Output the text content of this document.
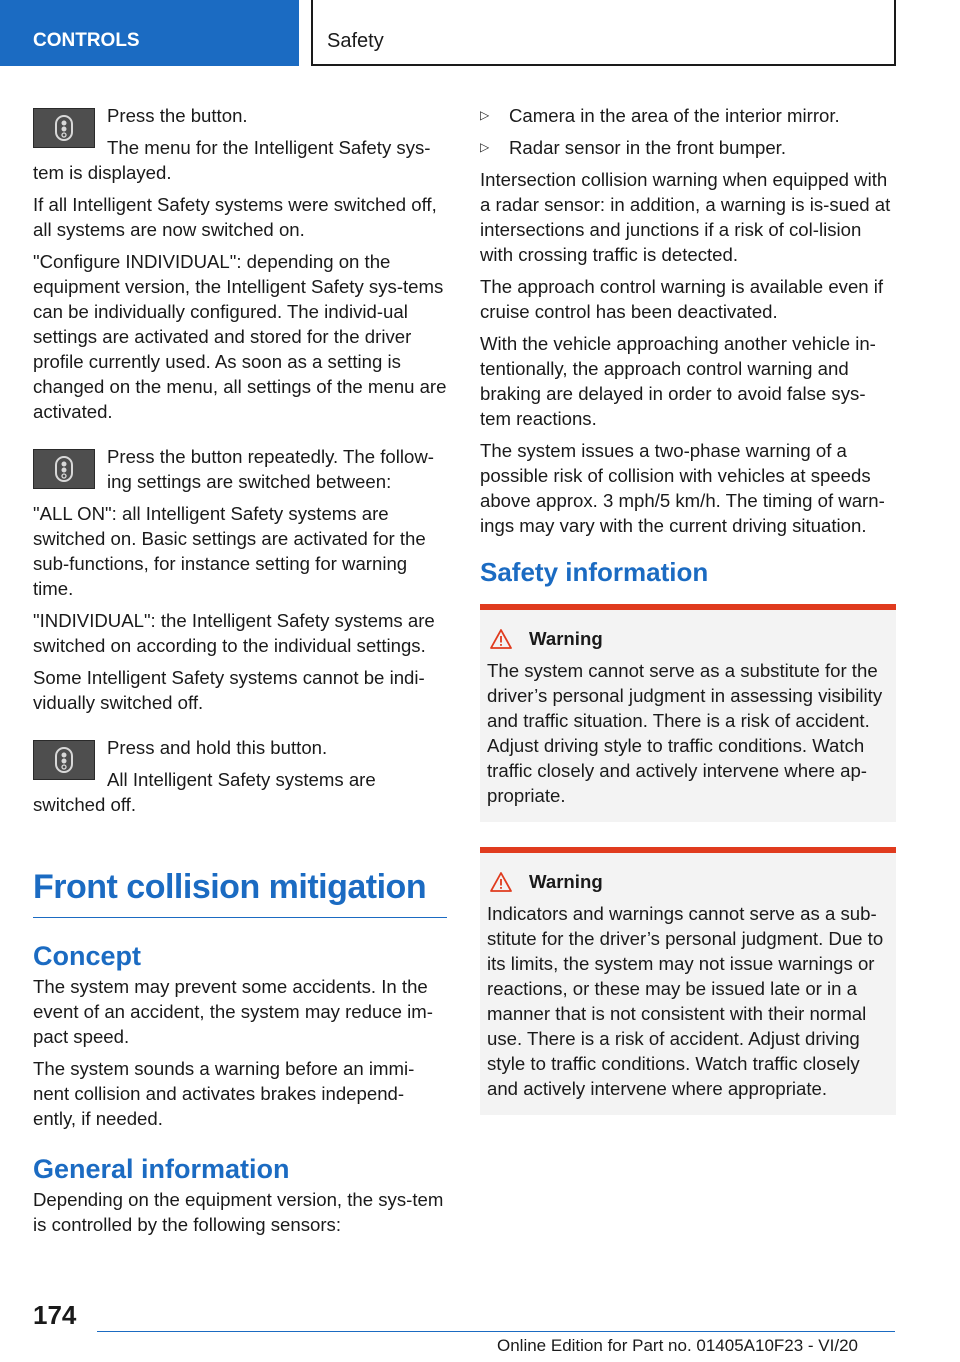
CONTROLS	Safety

Press the button.

The menu for the Intelligent Safety sys-

tem is displayed.

If all Intelligent Safety systems were switched off, all systems are now switched on.

"Configure INDIVIDUAL": depending on the equipment version, the Intelligent Safety sys-tems can be individually configured. The individ-ual settings are activated and stored for the driver profile currently used. As soon as a setting is changed on the menu, all settings of the menu are activated.

Press the button repeatedly. The follow-ing settings are switched between:

"ALL ON": all Intelligent Safety systems are switched on. Basic settings are activated for the sub-functions, for instance setting for warning time.

"INDIVIDUAL": the Intelligent Safety systems are switched on according to the individual settings.

Some Intelligent Safety systems cannot be indi-vidually switched off.

Press and hold this button.

All Intelligent Safety systems are

switched off.

Front collision mitigation
Concept

The system may prevent some accidents. In the event of an accident, the system may reduce im-pact speed.

The system sounds a warning before an immi-nent collision and activates brakes independ-ently, if needed.

General information

Depending on the equipment version, the sys-tem is controlled by the following sensors:

▷ Camera in the area of the interior mirror.
▷ Radar sensor in the front bumper.

Intersection collision warning when equipped with a radar sensor: in addition, a warning is is-sued at intersections and junctions if a risk of col-lision with crossing traffic is detected.

The approach control warning is available even if cruise control has been deactivated.

With the vehicle approaching another vehicle in-tentionally, the approach control warning and braking are delayed in order to avoid false sys-tem reactions.

The system issues a two-phase warning of a possible risk of collision with vehicles at speeds above approx. 3 mph/5 km/h. The timing of warn-ings may vary with the current driving situation.

Safety information
Warning

The system cannot serve as a substitute for the driver’s personal judgment in assessing visibility and traffic situation. There is a risk of accident. Adjust driving style to traffic conditions. Watch traffic closely and actively intervene where ap-propriate.

Warning

Indicators and warnings cannot serve as a sub-stitute for the driver’s personal judgment. Due to its limits, the system may not issue warnings or reactions, or these may be issued late or in a manner that is not consistent with their normal use. There is a risk of accident. Adjust driving style to traffic conditions. Watch traffic closely and actively intervene where appropriate.

174
Online Edition for Part no. 01405A10F23 - VI/20
